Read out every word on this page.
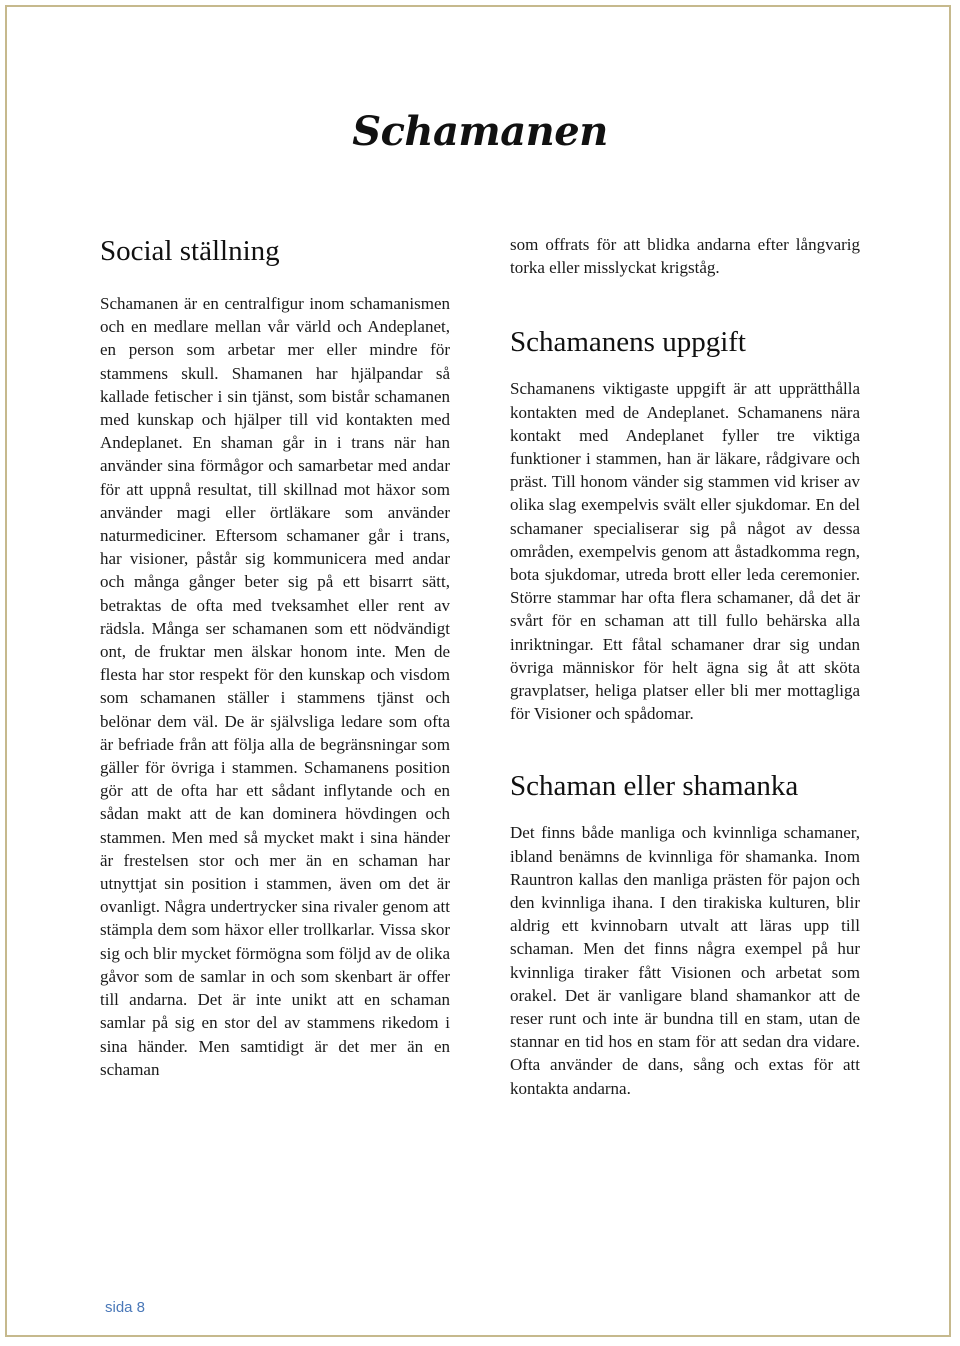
Schamanen
Social ställning

Schamanen är en centralfigur inom schamanismen och en medlare mellan vår värld och Andeplanet, en person som arbetar mer eller mindre för stammens skull. Shamanen har hjälpandar så kallade fetischer i sin tjänst, som bistår schamanen med kunskap och hjälper till vid kontakten med Andeplanet. En shaman går in i trans när han använder sina förmågor och samarbetar med andar för att uppnå resultat, till skillnad mot häxor som använder magi eller örtläkare som använder naturmediciner. Eftersom schamaner går i trans, har visioner, påstår sig kommunicera med andar och många gånger beter sig på ett bisarrt sätt, betraktas de ofta med tveksamhet eller rent av rädsla. Många ser schamanen som ett nödvändigt ont, de fruktar men älskar honom inte. Men de flesta har stor respekt för den kunskap och visdom som schamanen ställer i stammens tjänst och belönar dem väl. De är självsliga ledare som ofta är befriade från att följa alla de begränsningar som gäller för övriga i stammen. Schamanens position gör att de ofta har ett sådant inflytande och en sådan makt att de kan dominera hövdingen och stammen. Men med så mycket makt i sina händer är frestelsen stor och mer än en schaman har utnyttjat sin position i stammen, även om det är ovanligt. Några undertrycker sina rivaler genom att stämpla dem som häxor eller trollkarlar. Vissa skor sig och blir mycket förmögna som följd av de olika gåvor som de samlar in och som skenbart är offer till andarna. Det är inte unikt att en schaman samlar på sig en stor del av stammens rikedom i sina händer. Men samtidigt är det mer än en schaman

som offrats för att blidka andarna efter långvarig torka eller misslyckat krigståg.

Schamanens uppgift

Schamanens viktigaste uppgift är att upprätthålla kontakten med de Andeplanet. Schamanens nära kontakt med Andeplanet fyller tre viktiga funktioner i stammen, han är läkare, rådgivare och präst. Till honom vänder sig stammen vid kriser av olika slag exempelvis svält eller sjukdomar. En del schamaner specialiserar sig på något av dessa områden, exempelvis genom att åstadkomma regn, bota sjukdomar, utreda brott eller leda ceremonier. Större stammar har ofta flera schamaner, då det är svårt för en schaman att till fullo behärska alla inriktningar. Ett fåtal schamaner drar sig undan övriga människor för helt ägna sig åt att sköta gravplatser, heliga platser eller bli mer mottagliga för Visioner och spådomar.

Schaman eller shamanka

Det finns både manliga och kvinnliga schamaner, ibland benämns de kvinnliga för shamanka. Inom Rauntron kallas den manliga prästen för pajon och den kvinnliga ihana. I den tirakiska kulturen, blir aldrig ett kvinnobarn utvalt att läras upp till schaman. Men det finns några exempel på hur kvinnliga tiraker fått Visionen och arbetat som orakel. Det är vanligare bland shamankor att de reser runt och inte är bundna till en stam, utan de stannar en tid hos en stam för att sedan dra vidare. Ofta använder de dans, sång och extas för att kontakta andarna.

sida 8
